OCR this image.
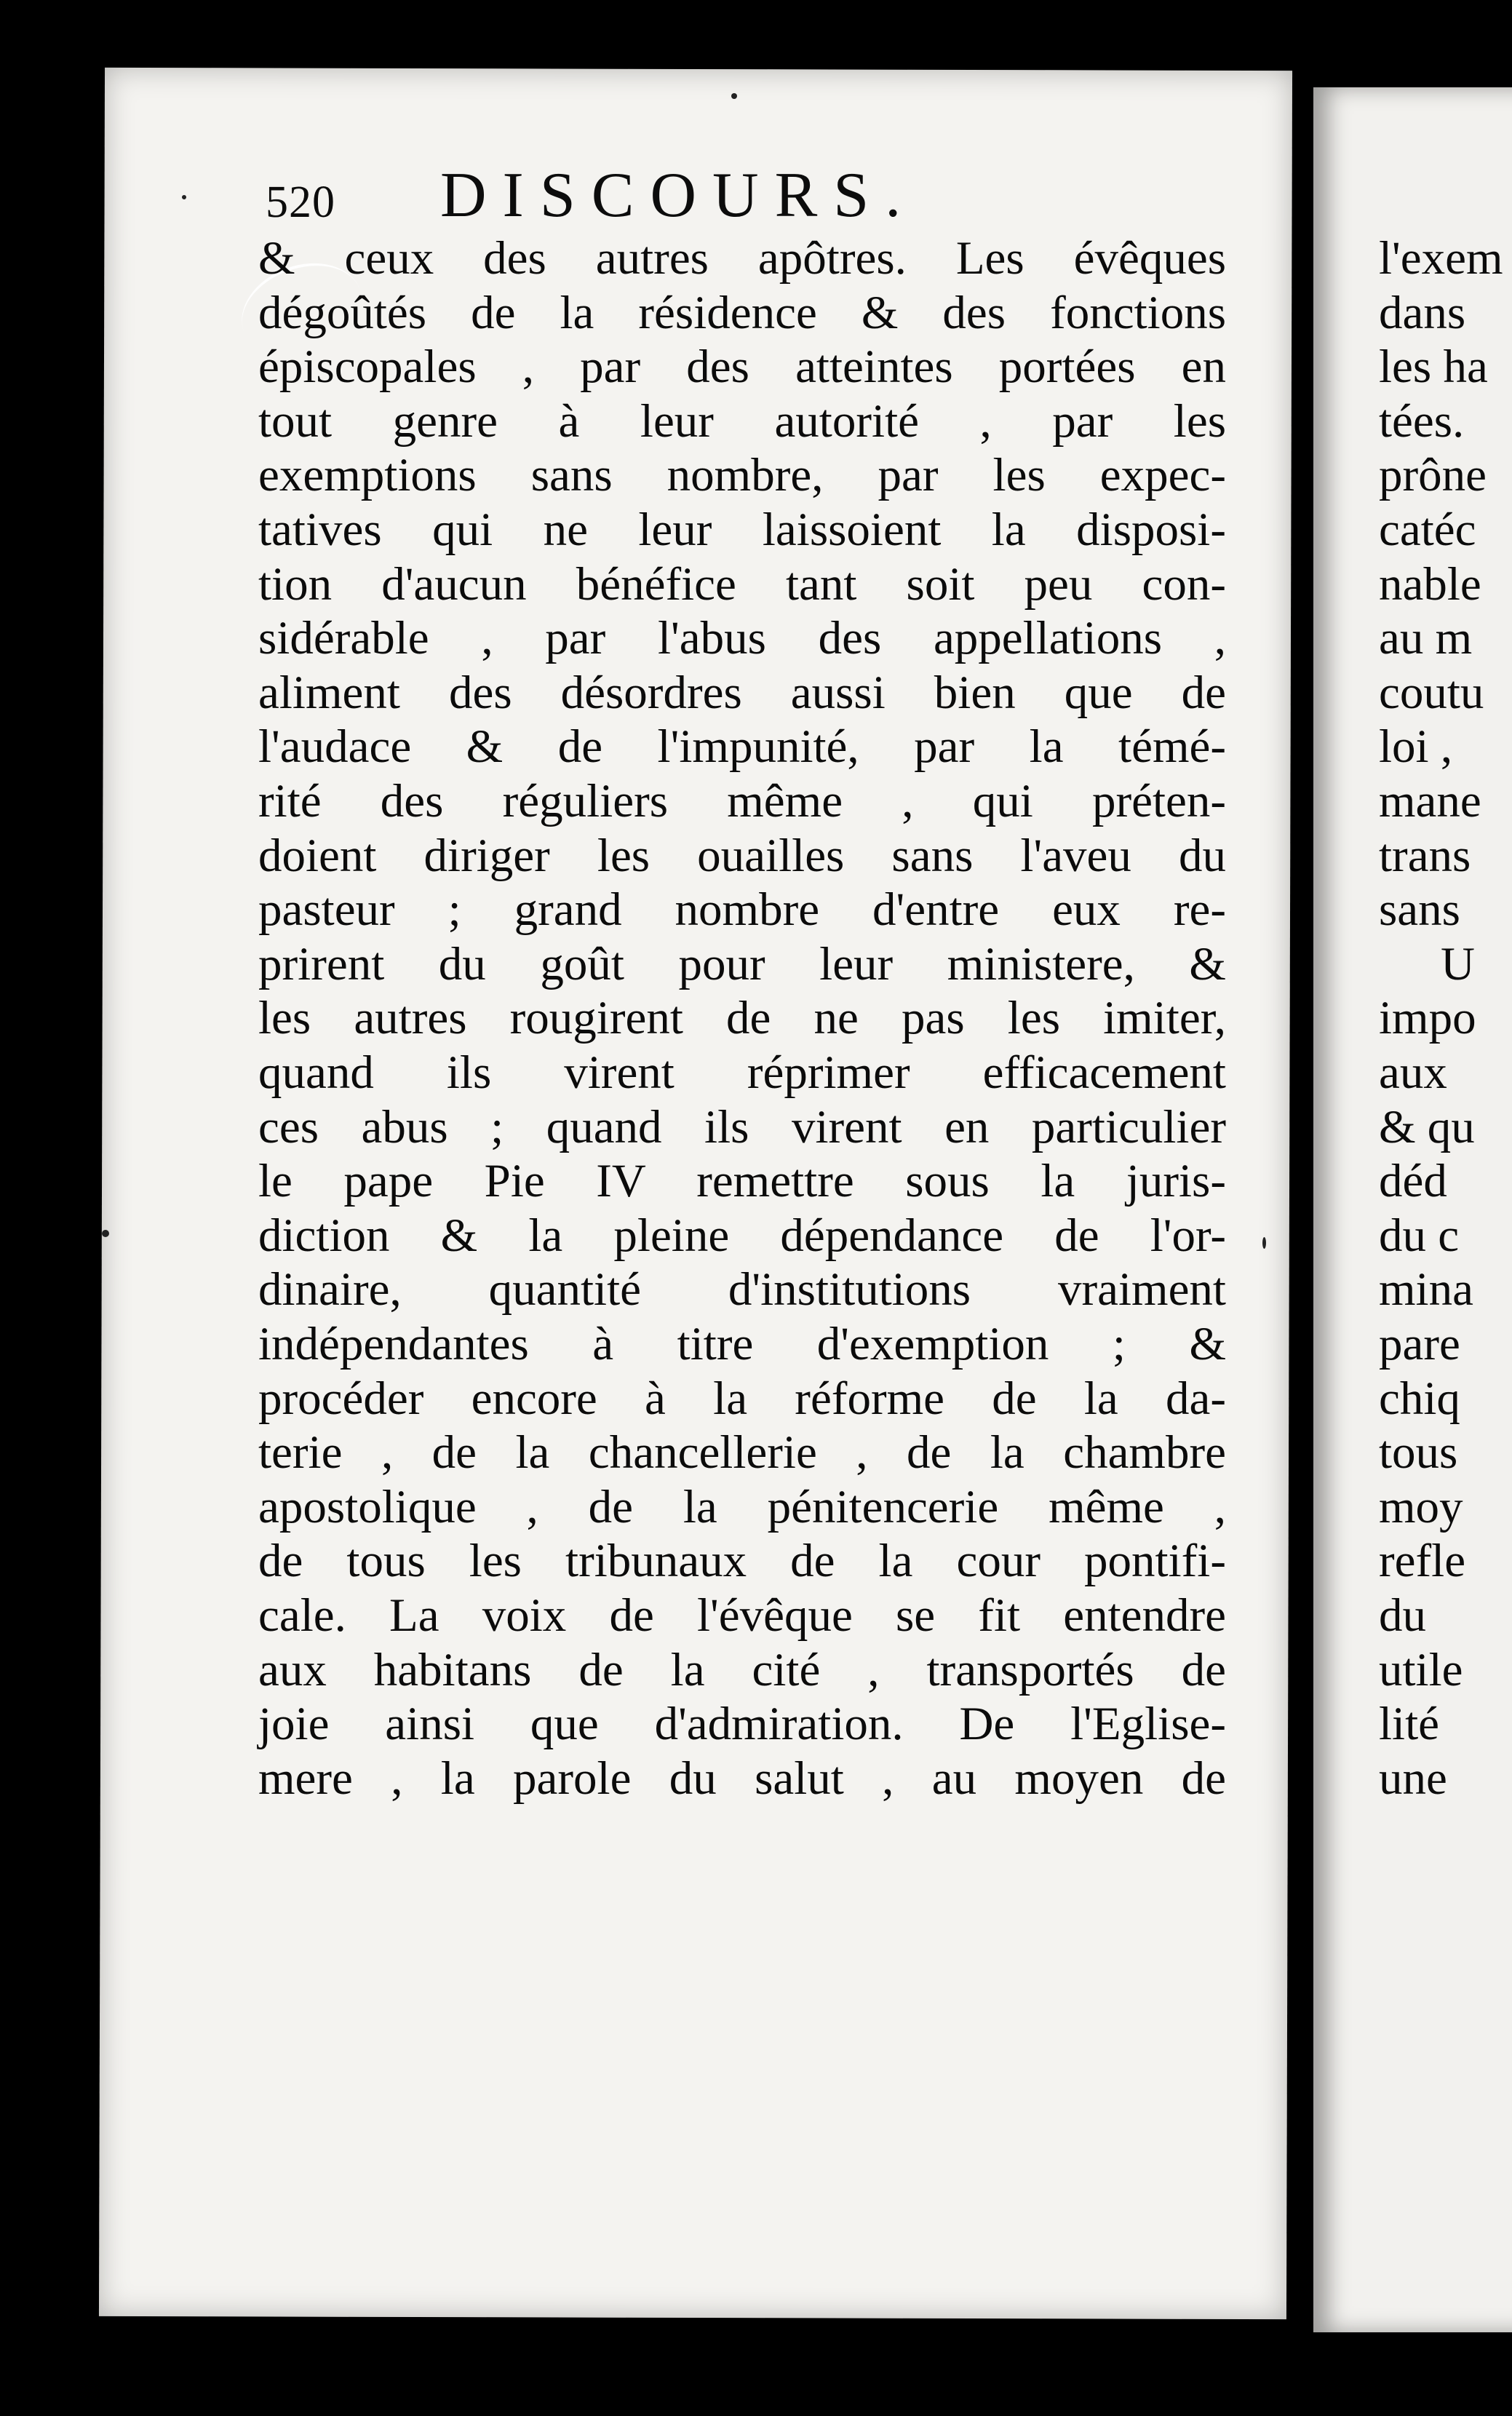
520 DISCOURS.
& ceux des autres apôtres. Les évêques
dégoûtés de la résidence & des fonctions
épiscopales , par des atteintes portées en
tout genre à leur autorité , par les
exemptions sans nombre, par les expec-
tatives qui ne leur laissoient la disposi-
tion d'aucun bénéfice tant soit peu con-
sidérable , par l'abus des appellations ,
aliment des désordres aussi bien que de
l'audace & de l'impunité, par la témé-
rité des réguliers même , qui préten-
doient diriger les ouailles sans l'aveu du
pasteur ; grand nombre d'entre eux re-
prirent du goût pour leur ministere, &
les autres rougirent de ne pas les imiter,
quand ils virent réprimer efficacement
ces abus ; quand ils virent en particulier
le pape Pie IV remettre sous la juris-
diction & la pleine dépendance de l'or-
dinaire, quantité d'institutions vraiment
indépendantes à titre d'exemption ; &
procéder encore à la réforme de la da-
terie , de la chancellerie , de la chambre
apostolique , de la pénitencerie même ,
de tous les tribunaux de la cour pontifi-
cale. La voix de l'évêque se fit entendre
aux habitans de la cité , transportés de
joie ainsi que d'admiration. De l'Eglise-
mere , la parole du salut , au moyen de
l'exem
dans
les ha
tées.
prône
catéc
nable
au m
coutu
loi ,
mane
trans
sans
U
impo
aux
& qu
déd
du c
mina
pare
chiq
tous
moy
refle
du
utile
lité
une
